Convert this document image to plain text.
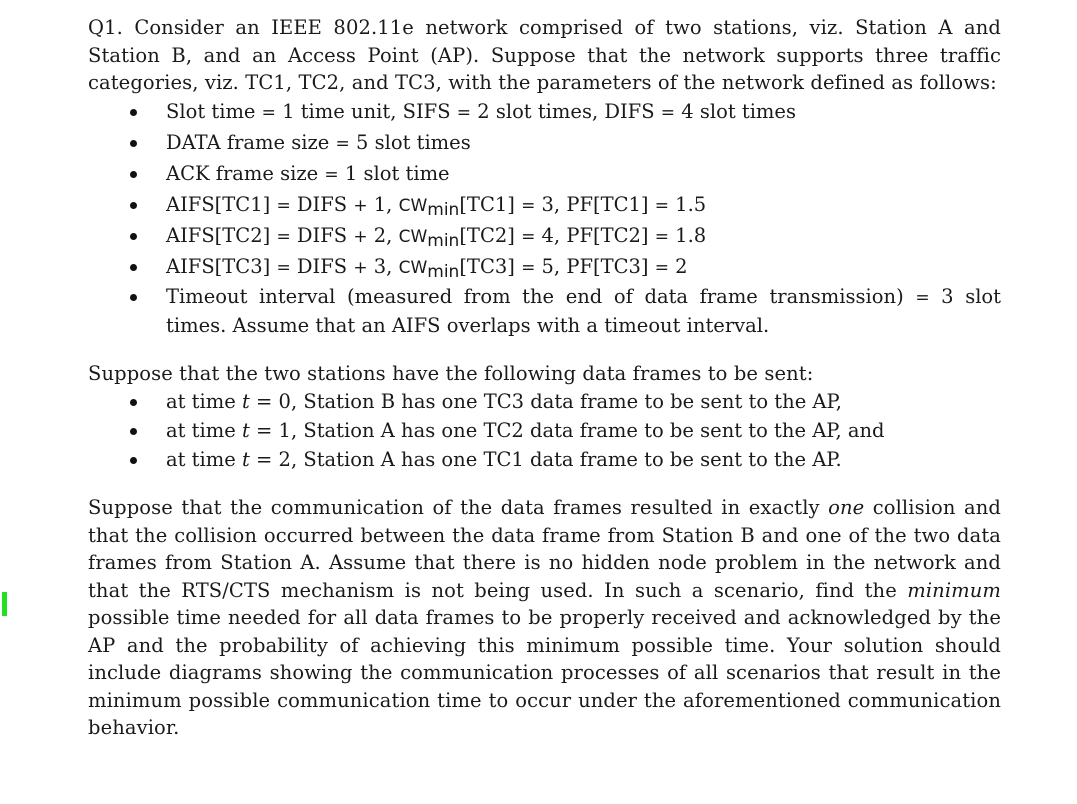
Q1. Consider an IEEE 802.11e network comprised of two stations, viz. Station A and Station B, and an Access Point (AP). Suppose that the network supports three traffic categories, viz. TC1, TC2, and TC3, with the parameters of the network defined as follows:

Slot time = 1 time unit, SIFS = 2 slot times, DIFS = 4 slot times
DATA frame size = 5 slot times
ACK frame size = 1 slot time
AIFS[TC1] = DIFS + 1, $CW_{min}[TC1] = 3$, PF[TC1] = 1.5
AIFS[TC2] = DIFS + 2, $CW_{min}[TC2] = 4$, PF[TC2] = 1.8
AIFS[TC3] = DIFS + 3, $CW_{min}[TC3] = 5$, PF[TC3] = 2
Timeout interval (measured from the end of data frame transmission) = 3 slot times. Assume that an AIFS overlaps with a timeout interval.

Suppose that the two stations have the following data frames to be sent:

at time t = 0, Station B has one TC3 data frame to be sent to the AP,
at time t = 1, Station A has one TC2 data frame to be sent to the AP, and
at time t = 2, Station A has one TC1 data frame to be sent to the AP.

Suppose that the communication of the data frames resulted in exactly one collision and that the collision occurred between the data frame from Station B and one of the two data frames from Station A. Assume that there is no hidden node problem in the network and that the RTS/CTS mechanism is not being used. In such a scenario, find the minimum possible time needed for all data frames to be properly received and acknowledged by the AP and the probability of achieving this minimum possible time. Your solution should include diagrams showing the communication processes of all scenarios that result in the minimum possible communication time to occur under the aforementioned communication behavior.
